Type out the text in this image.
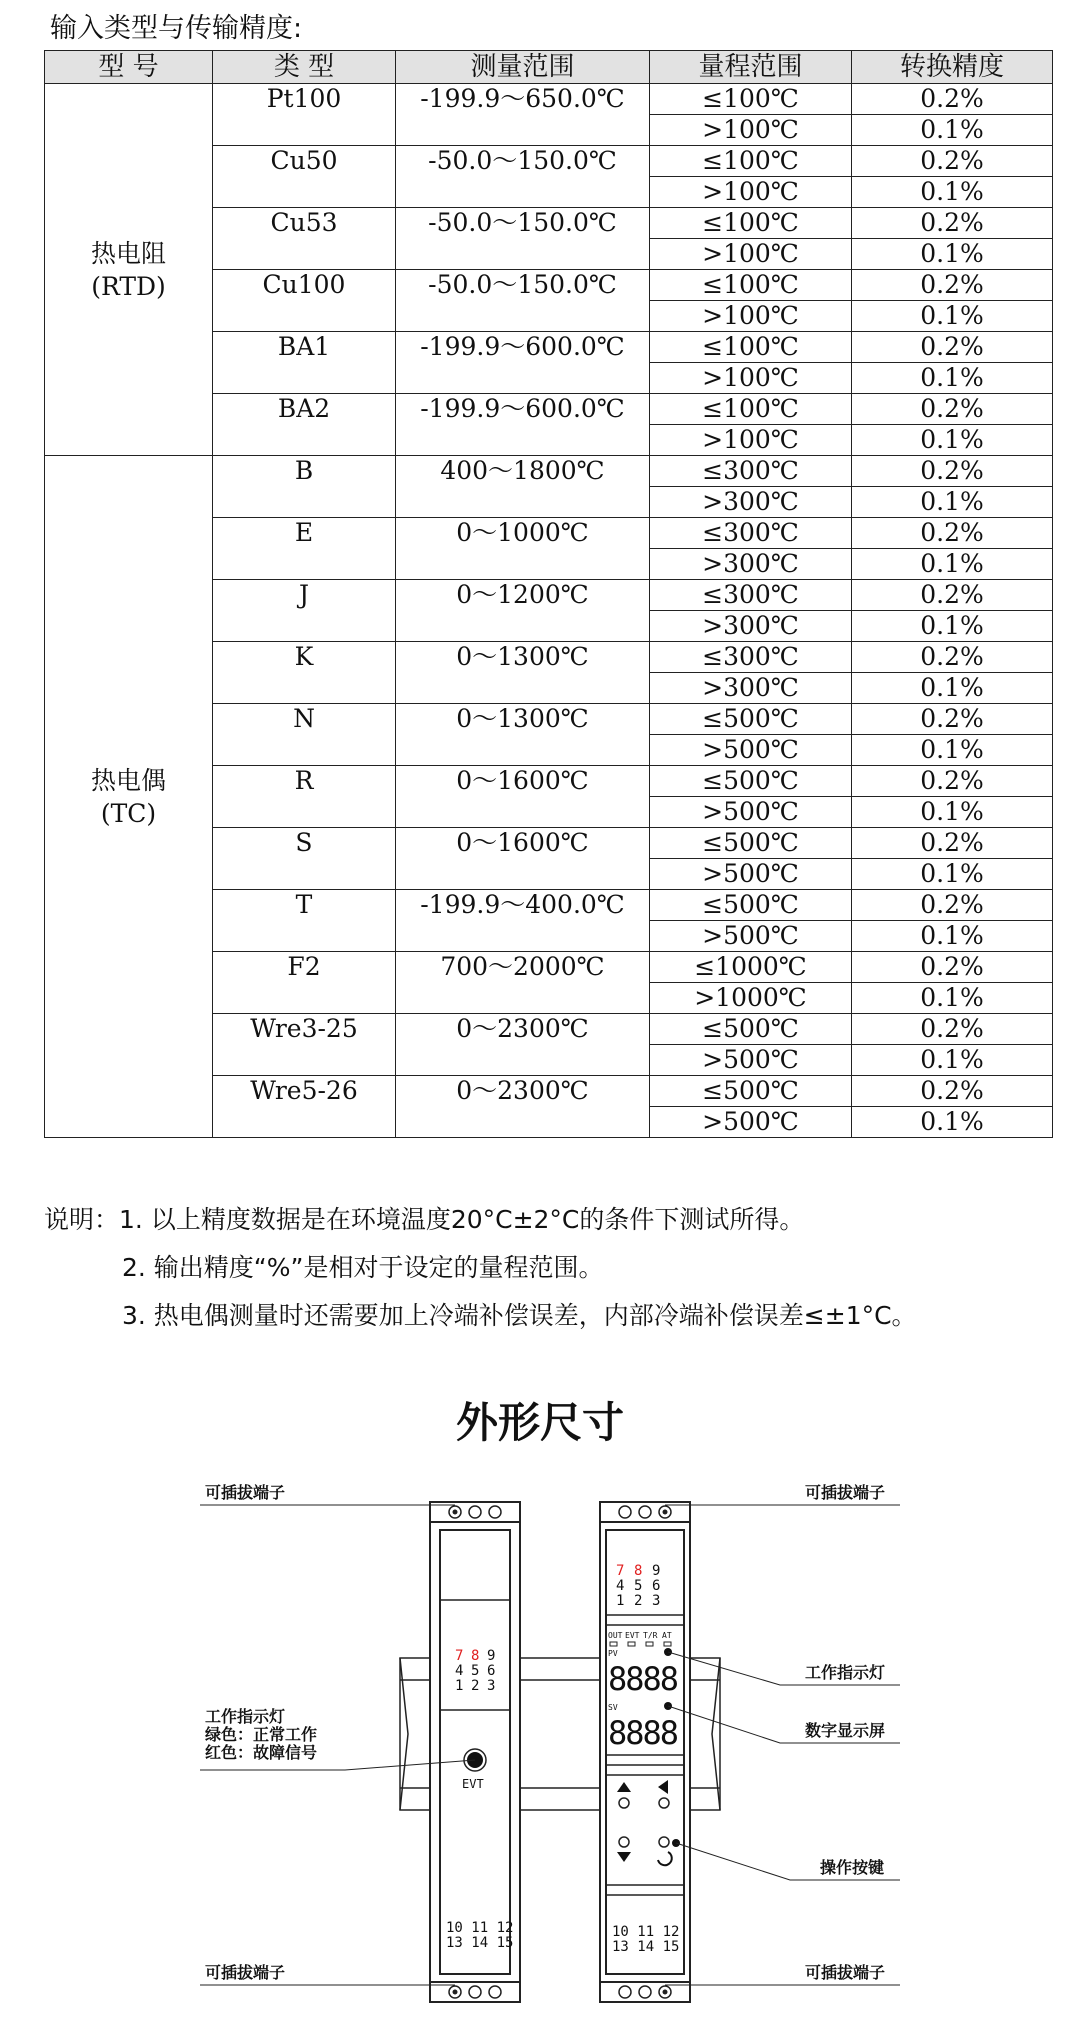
输入类型与传输精度:
型 号	类 型	测量范围	量程范围	转换精度

热电阻
(RTD)	Pt100	-199.9～650.0℃	≤100℃	0.2%
			>100℃	0.1%
	Cu50	-50.0～150.0℃	≤100℃	0.2%
			>100℃	0.1%
	Cu53	-50.0～150.0℃	≤100℃	0.2%
			>100℃	0.1%
	Cu100	-50.0～150.0℃	≤100℃	0.2%
			>100℃	0.1%
	BA1	-199.9～600.0℃	≤100℃	0.2%
			>100℃	0.1%
	BA2	-199.9～600.0℃	≤100℃	0.2%
			>100℃	0.1%

热电偶
(TC)	B	400～1800℃	≤300℃	0.2%
			>300℃	0.1%
	E	0～1000℃	≤300℃	0.2%
			>300℃	0.1%
	J	0～1200℃	≤300℃	0.2%
			>300℃	0.1%
	K	0～1300℃	≤300℃	0.2%
			>300℃	0.1%
	N	0～1300℃	≤500℃	0.2%
			>500℃	0.1%
	R	0～1600℃	≤500℃	0.2%
			>500℃	0.1%
	S	0～1600℃	≤500℃	0.2%
			>500℃	0.1%
	T	-199.9～400.0℃	≤500℃	0.2%
			>500℃	0.1%
	F2	700～2000℃	≤1000℃	0.2%
			>1000℃	0.1%
	Wre3-25	0～2300℃	≤500℃	0.2%
			>500℃	0.1%
	Wre5-26	0～2300℃	≤500℃	0.2%
			>500℃	0.1%
说明：1. 以上精度数据是在环境温度20°C±2°C的条件下测试所得。
2. 输出精度“%”是相对于设定的量程范围。
3. 热电偶测量时还需要加上冷端补偿误差，内部冷端补偿误差≤±1°C。
外形尺寸
7 8 9
4 5 6
1 2 3
EVT
10 11 12
13 14 15
7 8 9
4 5 6
1 2 3
OUT EVT T/R AT
PV
8888
SV
8888
10 11 12
13 14 15
可插拔端子	可插拔端子
可插拔端子	可插拔端子
工作指示灯
绿色：正常工作
红色：故障信号
工作指示灯
数字显示屏
操作按键
